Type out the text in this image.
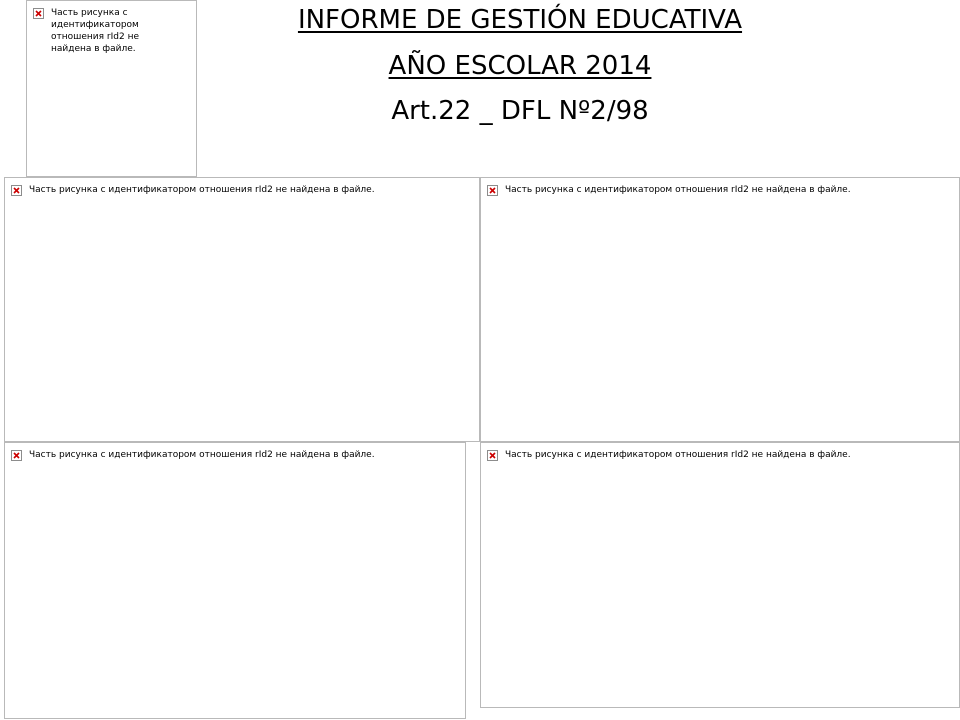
Часть рисунка с идентификатором отношения rId2 не найдена в файле.
INFORME DE GESTIÓN EDUCATIVA
AÑO ESCOLAR 2014
Art.22 _ DFL Nº2/98
Часть рисунка с идентификатором отношения rId2 не найдена в файле.	Часть рисунка с идентификатором отношения rId2 не найдена в файле.
Часть рисунка с идентификатором отношения rId2 не найдена в файле.	Часть рисунка с идентификатором отношения rId2 не найдена в файле.
